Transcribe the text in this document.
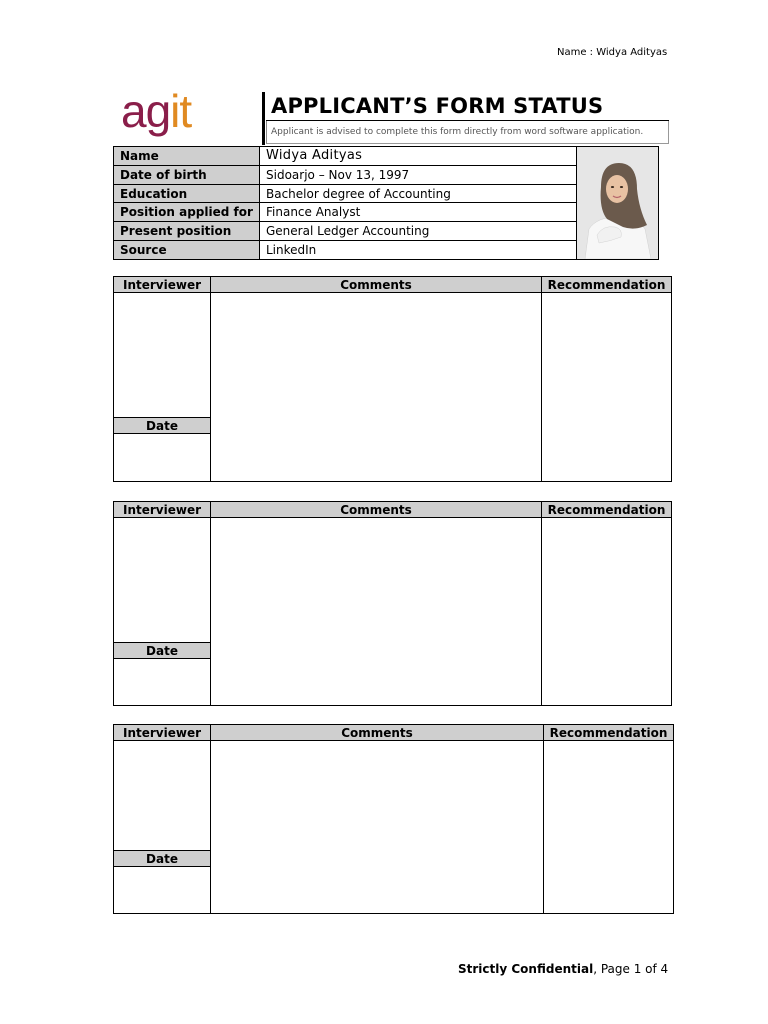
Name : Widya Adityas
agit	APPLICANT’S FORM STATUS
Applicant is advised to complete this form directly from word software application.
Name	Widya Adityas	

Date of birth	Sidoarjo – Nov 13, 1997	
Education	Bachelor degree of Accounting	
Position applied for	Finance Analyst	
Present position	General Ledger Accounting	
Source	LinkedIn	
Interviewer	Comments	Recommendation

Date		

Interviewer	Comments	Recommendation

Date		

Interviewer	Comments	Recommendation

Date		

Strictly Confidential, Page 1 of 4
